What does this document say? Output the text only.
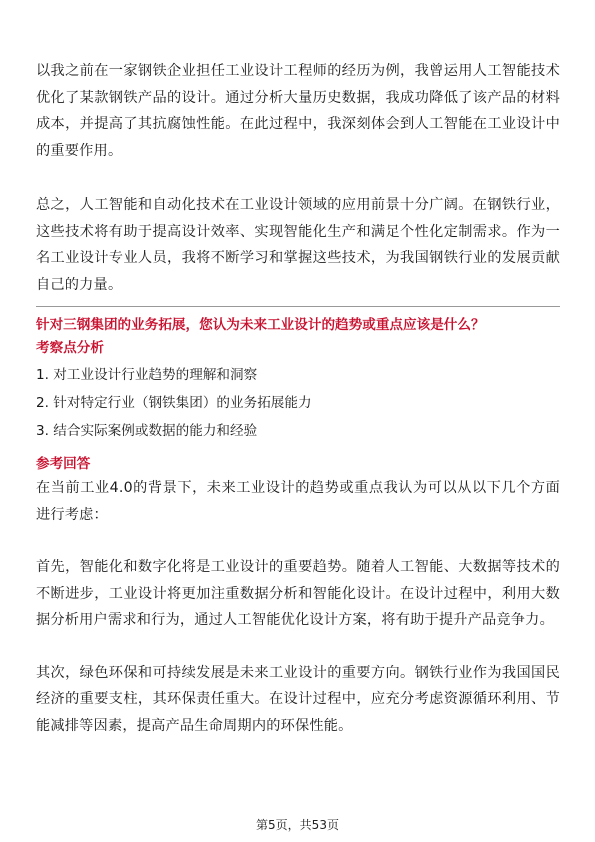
以我之前在一家钢铁企业担任工业设计工程师的经历为例，我曾运用人工智能技术优化了某款钢铁产品的设计。通过分析大量历史数据，我成功降低了该产品的材料成本，并提高了其抗腐蚀性能。在此过程中，我深刻体会到人工智能在工业设计中的重要作用。

总之，人工智能和自动化技术在工业设计领域的应用前景十分广阔。在钢铁行业，这些技术将有助于提高设计效率、实现智能化生产和满足个性化定制需求。作为一名工业设计专业人员，我将不断学习和掌握这些技术，为我国钢铁行业的发展贡献自己的力量。

针对三钢集团的业务拓展，您认为未来工业设计的趋势或重点应该是什么？

考察点分析

1. 对工业设计行业趋势的理解和洞察
2. 针对特定行业（钢铁集团）的业务拓展能力
3. 结合实际案例或数据的能力和经验

参考回答

在当前工业4.0的背景下，未来工业设计的趋势或重点我认为可以从以下几个方面进行考虑：

首先，智能化和数字化将是工业设计的重要趋势。随着人工智能、大数据等技术的不断进步，工业设计将更加注重数据分析和智能化设计。在设计过程中，利用大数据分析用户需求和行为，通过人工智能优化设计方案，将有助于提升产品竞争力。

其次，绿色环保和可持续发展是未来工业设计的重要方向。钢铁行业作为我国国民经济的重要支柱，其环保责任重大。在设计过程中，应充分考虑资源循环利用、节能减排等因素，提高产品生命周期内的环保性能。

第5页，共53页
